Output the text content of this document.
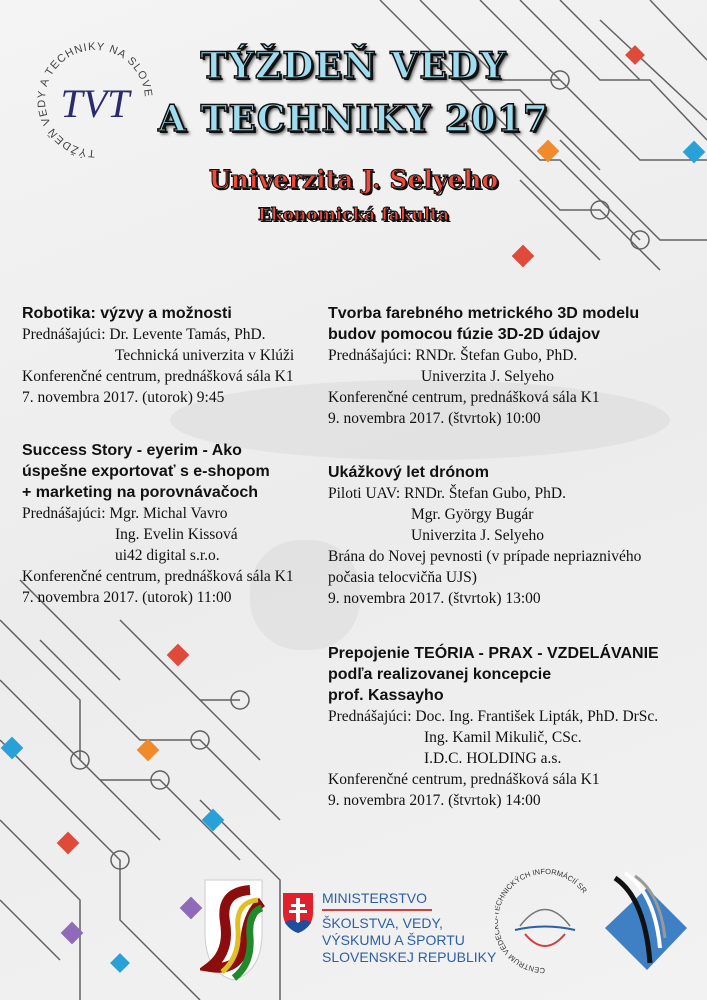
TÝŽDEŇ VEDY A TECHNIKY NA SLOVE
TVT
TÝŽDEŇ VEDY
A TECHNIKY 2017
Univerzita J. Selyeho
Ekonomická fakulta
Robotika: výzvy a možnosti
Prednášajúci: Dr. Levente Tamás, PhD.
Technická univerzita v Klúži
Konferenčné centrum, prednášková sála K1
7. novembra 2017. (utorok) 9:45
Success Story - eyerim - Ako
úspešne exportovať s e-shopom
+ marketing na porovnávačoch
Prednášajúci: Mgr. Michal Vavro
Ing. Evelin Kissová
ui42 digital s.r.o.
Konferenčné centrum, prednášková sála K1
7. novembra 2017. (utorok) 11:00
Tvorba farebného metrického 3D modelu
budov pomocou fúzie 3D-2D údajov
Prednášajúci: RNDr. Štefan Gubo, PhD.
Univerzita J. Selyeho
Konferenčné centrum, prednášková sála K1
9. novembra 2017. (štvrtok) 10:00
Ukážkový let drónom
Piloti UAV: RNDr. Štefan Gubo, PhD.
Mgr. György Bugár
Univerzita J. Selyeho
Brána do Novej pevnosti (v prípade nepriaznivého
počasia telocvičňa UJS)
9. novembra 2017. (štvrtok) 13:00
Prepojenie TEÓRIA - PRAX - VZDELÁVANIE
podľa realizovanej koncepcie
prof. Kassayho
Prednášajúci: Doc. Ing. František Lipták, PhD. DrSc.
Ing. Kamil Mikulič, CSc.
I.D.C. HOLDING a.s.
Konferenčné centrum, prednášková sála K1
9. novembra 2017. (štvrtok) 14:00
MINISTERSTVO
ŠKOLSTVA, VEDY,
VÝSKUMU A ŠPORTU
SLOVENSKEJ REPUBLIKY
CENTRUM VED HNICKÝCH INFORMÁCIÍ SR
